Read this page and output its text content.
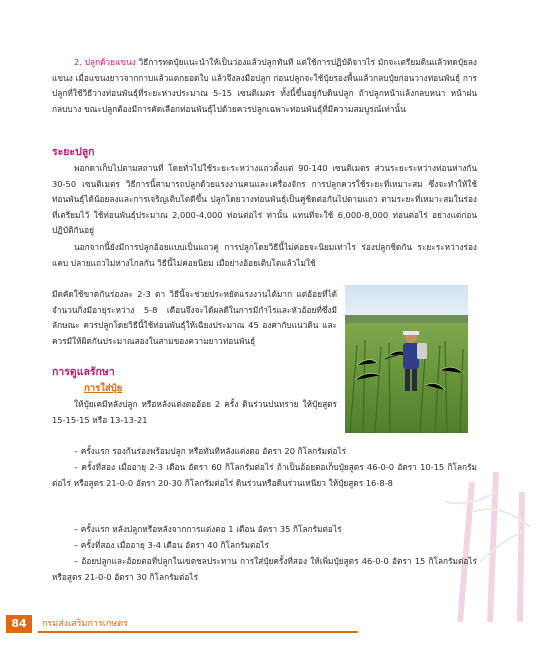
2. ปลูกด้วยแขนง วิธีการทดปุ๋ยแนะนำให้เป็นว่องแล้วปลูกทันที แต่ใช้การปฏิบัติจาวไร่ มักจะเตรียมดินแล้วทดปุ๋ยลงแขนง เมื่อแขนงยาวจากกาบแล้วแตกยอดใบ แล้วจึงลงมือปลูก ก่อนปลูกจะใช้ปุ๋ยรองพื้นแล้วกลบปุ๋ยก่อนวางท่อนพันธุ์ การปลูกที่ใช้วิธีวางท่อนพันธุ์ที่ระยะห่างประมาณ 5-15 เซนติเมตร ทั้งนี้ขึ้นอยู่กับดินปลูก ถ้าปลูกหน้าแล้งกลบหนา หน้าฝนกลบบาง ขณะปลูกต้องมีการคัดเลือกท่อนพันธุ์ไปด้วยควรปลูกเฉพาะท่อนพันธุ์ที่มีความสมบูรณ์เท่านั้น

ระยะปลูก

พอกดาเก็บไปตามสถานที่ โดยทั่วไปใช้ระยะระหว่างแถวตั้งแต่ 90-140 เซนติเมตร ส่วนระยะระหว่างท่อนห่างกัน 30-50 เซนติเมตร วิธีการนี้สามารถปลูกด้วยแรงงานคนและเครื่องจักร การปลูกควรใช้ระยะที่เหมาะสม ซึ่งจะทำให้ใช้ท่อนพันธุ์ได้น้อยลงและการเจริญเติบโตดีขึ้น ปลูกโดยวางท่อนพันธุ์เป็นคู่ชิดต่อกันไปตามแถว ตามระยะที่เหมาะสมในร่องที่เตรียมไว้ ใช้ท่อนพันธุ์ประมาณ 2,000-4,000 ท่อนต่อไร่ ท่านั้น แทนที่จะใช้ 6,000-8,000 ท่อนต่อไร่ อย่างแต่ก่อนปฏิบัติกันอยู่

นอกจากนี้ยังมีการปลูกอ้อยแบบเป็นแถวคู่ การปลูกโดยวิธีนี้ไม่ค่อยจะนิยมเท่าไร ร่องปลูกชิดกัน ระยะระหว่างร่องแคบ ปลายแถวไม่ห่างไกลกัน วิธีนี้ไม่ค่อยนิยม เมื่อย่างอ้อยเติบโตแล้วไม่ใช้

มีดคัดใช้ขาดกันร่องละ 2-3 ตา วิธีนี้จะช่วยประหยัดแรงงานได้มาก แต่อ้อยที่ได้จำนวนกิ่งมีอายุระหว่าง 5-8 เดือนจึงจะได้ผลดีในการมีกำไรและหัวอ้อยที่ซึ่งมีลักษณะ ควรปลูกโดยวิธีนี้ใช้ท่อนพันธุ์ให้เฉียงประมาณ 45 องศากับแนวดิน และควรมีให้ผิดกันประมาณสองในสามของความยาวท่อนพันธุ์

การดูแลรักษา
การใส่ปุ๋ย

ให้ปุ๋ยเคมีหลังปลูก หรือหลังแต่งตออ้อย 2 ครั้ง ดินร่วนปนทราย ให้ปุ๋ยสูตร 15-15-15 หรือ 13-13-21

– ครั้งแรก รองก้นร่องพร้อมปลูก หรือทันทีหลังแต่งตอ อัตรา 20 กิโลกรัมต่อไร่

– ครั้งที่สอง เมื่ออายุ 2-3 เดือน อัตรา 60 กิโลกรัมต่อไร่ ถ้าเป็นอ้อยตอเก็บปุ๋ยสูตร 46-0-0 อัตรา 10-15 กิโลกรัมต่อไร่ หรือสูตร 21-0-0 อัตรา 20-30 กิโลกรัมต่อไร่ ดินร่วนหรือดินร่วนเหนียว ให้ปุ๋ยสูตร 16-8-8

– ครั้งแรก หลังปลูกหรือหลังจากการแต่งตอ 1 เดือน อัตรา 35 กิโลกรัมต่อไร่

– ครั้งที่สอง เมื่ออายุ 3-4 เดือน อัตรา 40 กิโลกรัมต่อไร่

– อ้อยปลูกและอ้อยตอที่ปลูกในเขตชลประทาน การใส่ปุ๋ยครั้งที่สอง ให้เพิ่มปุ๋ยสูตร 46-0-0 อัตรา 15 กิโลกรัมต่อไร่ หรือสูตร 21-0-0 อัตรา 30 กิโลกรัมต่อไร่

84	กรมส่งเสริมการเกษตร
